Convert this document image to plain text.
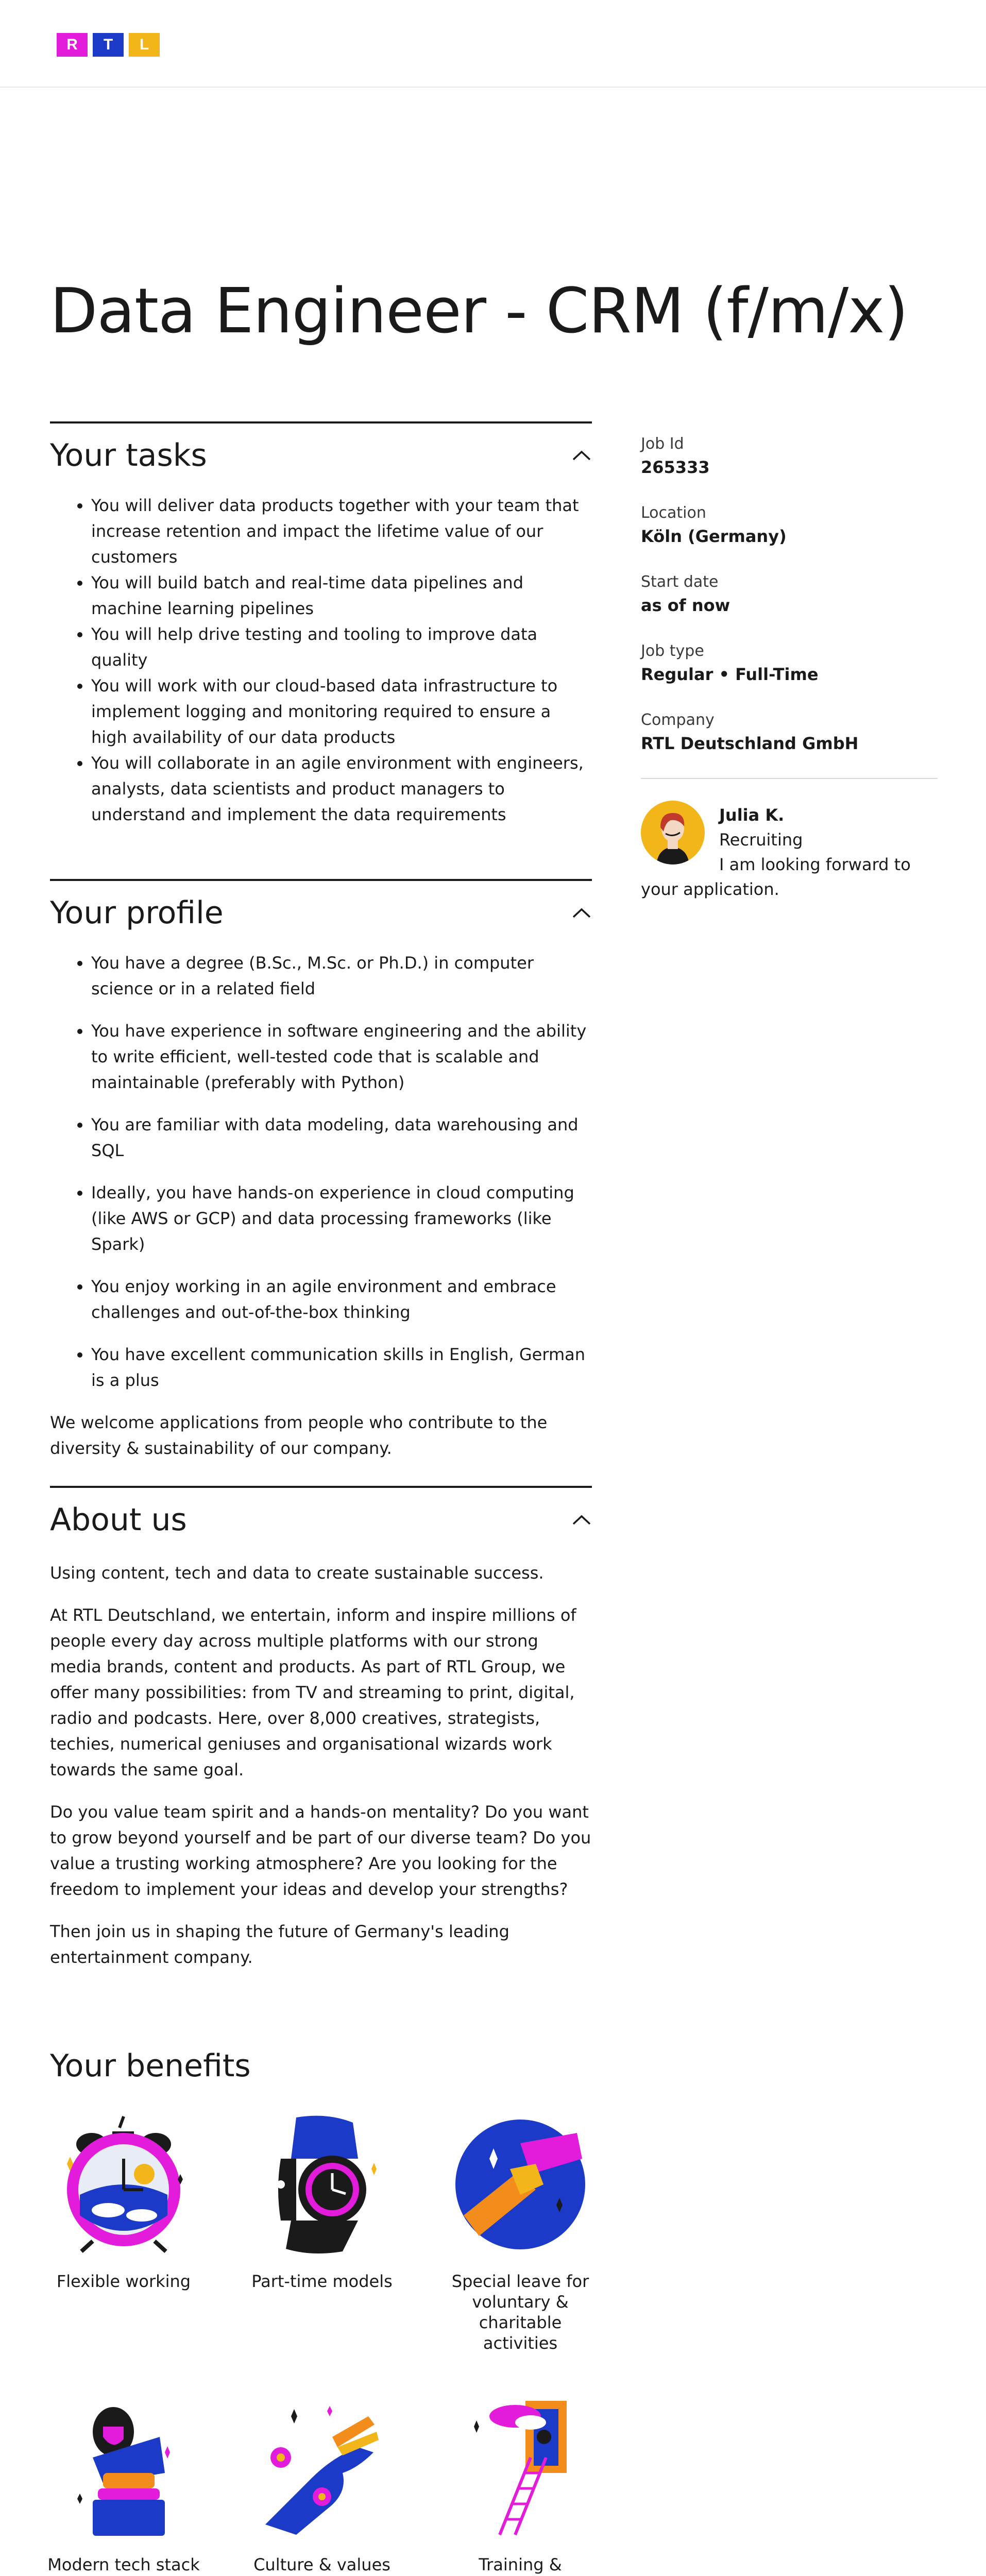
R	T	L
Data Engineer - CRM (f/m/x)
Your tasks
• You will deliver data products together with your team that increase retention and impact the lifetime value of our customers
• You will build batch and real-time data pipelines and machine learning pipelines
• You will help drive testing and tooling to improve data quality
• You will work with our cloud-based data infrastructure to implement logging and monitoring required to ensure a high availability of our data products
• You will collaborate in an agile environment with engineers, analysts, data scientists and product managers to understand and implement the data requirements
Your profile
• You have a degree (B.Sc., M.Sc. or Ph.D.) in computer science or in a related field
• You have experience in software engineering and the ability to write efficient, well-tested code that is scalable and maintainable (preferably with Python)
• You are familiar with data modeling, data warehousing and SQL
• Ideally, you have hands-on experience in cloud computing (like AWS or GCP) and data processing frameworks (like Spark)
• You enjoy working in an agile environment and embrace challenges and out-of-the-box thinking
• You have excellent communication skills in English, German is a plus

We welcome applications from people who contribute to the diversity & sustainability of our company.

About us

Using content, tech and data to create sustainable success.

At RTL Deutschland, we entertain, inform and inspire millions of people every day across multiple platforms with our strong media brands, content and products. As part of RTL Group, we offer many possibilities: from TV and streaming to print, digital, radio and podcasts. Here, over 8,000 creatives, strategists, techies, numerical geniuses and organisational wizards work towards the same goal.

Do you value team spirit and a hands-on mentality? Do you want to grow beyond yourself and be part of our diverse team? Do you value a trusting working atmosphere? Are you looking for the freedom to implement your ideas and develop your strengths?

Then join us in shaping the future of Germany's leading entertainment company.

Job Id
265333
Location
Köln (Germany)
Start date
as of now
Job type
Regular • Full-Time
Company
RTL Deutschland GmbH
Julia K.
Recruiting
I am looking forward to your application.
Your benefits
Flexible working	Part-time models	Special leave for voluntary & charitable activities
Modern tech stack	Culture & values	Training &
